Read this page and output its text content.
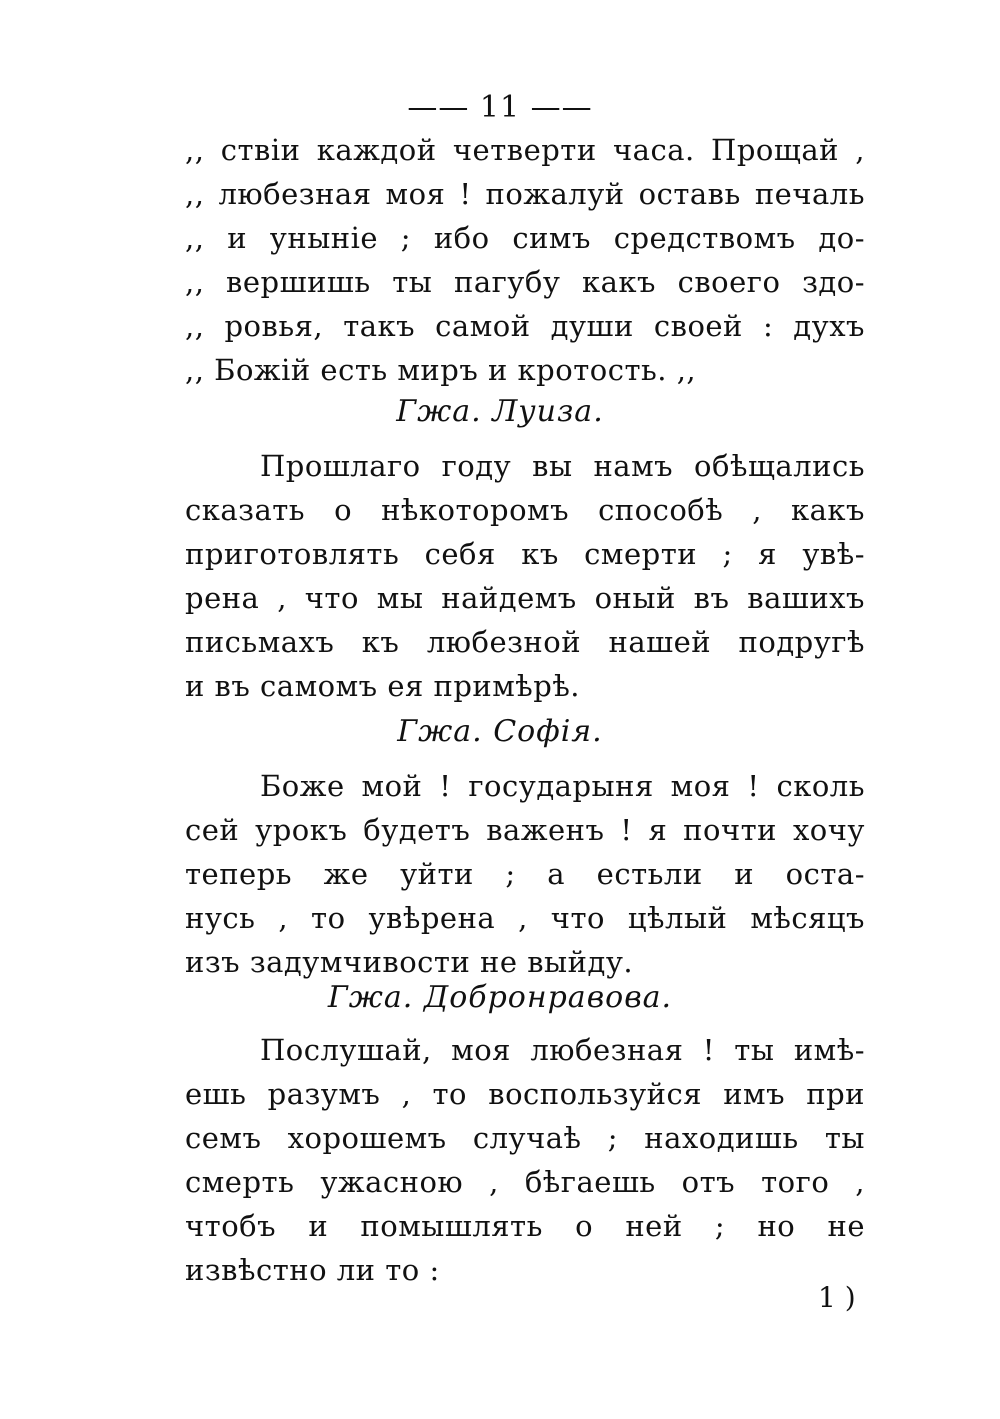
—— 11 ——
,, ствіи каждой четверти часа. Прощай ,
,, любезная моя ! пожалуй оставь печаль
,, и уныніе ; ибо симъ средствомъ до-
,, вершишь ты пагубу какъ своего здо-
,, ровья, такъ самой души своей : духъ
,, Божій есть миръ и кротость. ,,
Гжа. Луиза.
Прошлаго году вы намъ обѣщались
сказать о нѣкоторомъ способѣ , какъ
приготовлять себя къ смерти ; я увѣ-
рена , что мы найдемъ оный въ вашихъ
письмахъ къ любезной нашей подругѣ
и въ самомъ ея примѣрѣ.
Гжа. Софія.
Боже мой ! государыня моя ! сколь
сей урокъ будетъ важенъ ! я почти хочу
теперь же уйти ; а естьли и оста-
нусь , то увѣрена , что цѣлый мѣсяцъ
изъ задумчивости не выйду.
Гжа. Добронравова.
Послушай, моя любезная ! ты имѣ-
ешь разумъ , то воспользуйся имъ при
семъ хорошемъ случаѣ ; находишь ты
смерть ужасною , бѣгаешь отъ того ,
чтобъ и помышлять о ней ; но не
извѣстно ли то :
1 )
